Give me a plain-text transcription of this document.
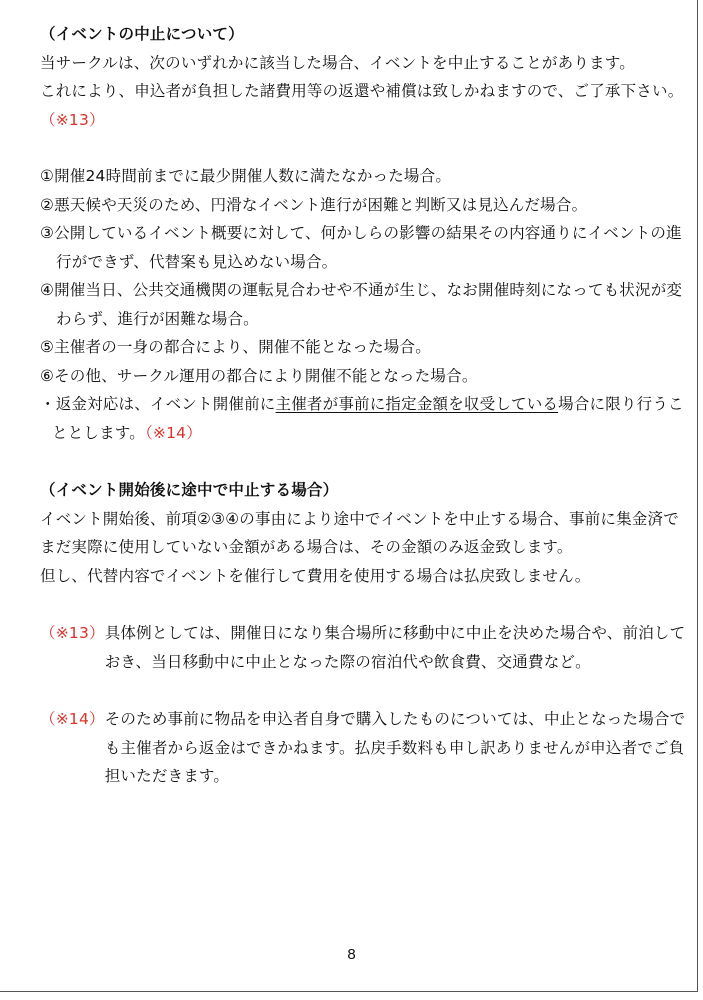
（イベントの中止について）
当サークルは、次のいずれかに該当した場合、イベントを中止することがあります。
これにより、申込者が負担した諸費用等の返還や補償は致しかねますので、ご了承下さい。（※13）
①開催24時間前までに最少開催人数に満たなかった場合。
②悪天候や天災のため、円滑なイベント進行が困難と判断又は見込んだ場合。
③公開しているイベント概要に対して、何かしらの影響の結果その内容通りにイベントの進行ができず、代替案も見込めない場合。
④開催当日、公共交通機関の運転見合わせや不通が生じ、なお開催時刻になっても状況が変わらず、進行が困難な場合。
⑤主催者の一身の都合により、開催不能となった場合。
⑥その他、サークル運用の都合により開催不能となった場合。
・返金対応は、イベント開催前に主催者が事前に指定金額を収受している場合に限り行うこととします。（※14）
（イベント開始後に途中で中止する場合）
イベント開始後、前項②③④の事由により途中でイベントを中止する場合、事前に集金済でまだ実際に使用していない金額がある場合は、その金額のみ返金致します。
但し、代替内容でイベントを催行して費用を使用する場合は払戻致しません。
（※13） 具体例としては、開催日になり集合場所に移動中に中止を決めた場合や、前泊しておき、当日移動中に中止となった際の宿泊代や飲食費、交通費など。
（※14） そのため事前に物品を申込者自身で購入したものについては、中止となった場合でも主催者から返金はできかねます。払戻手数料も申し訳ありませんが申込者でご負担いただきます。
8
